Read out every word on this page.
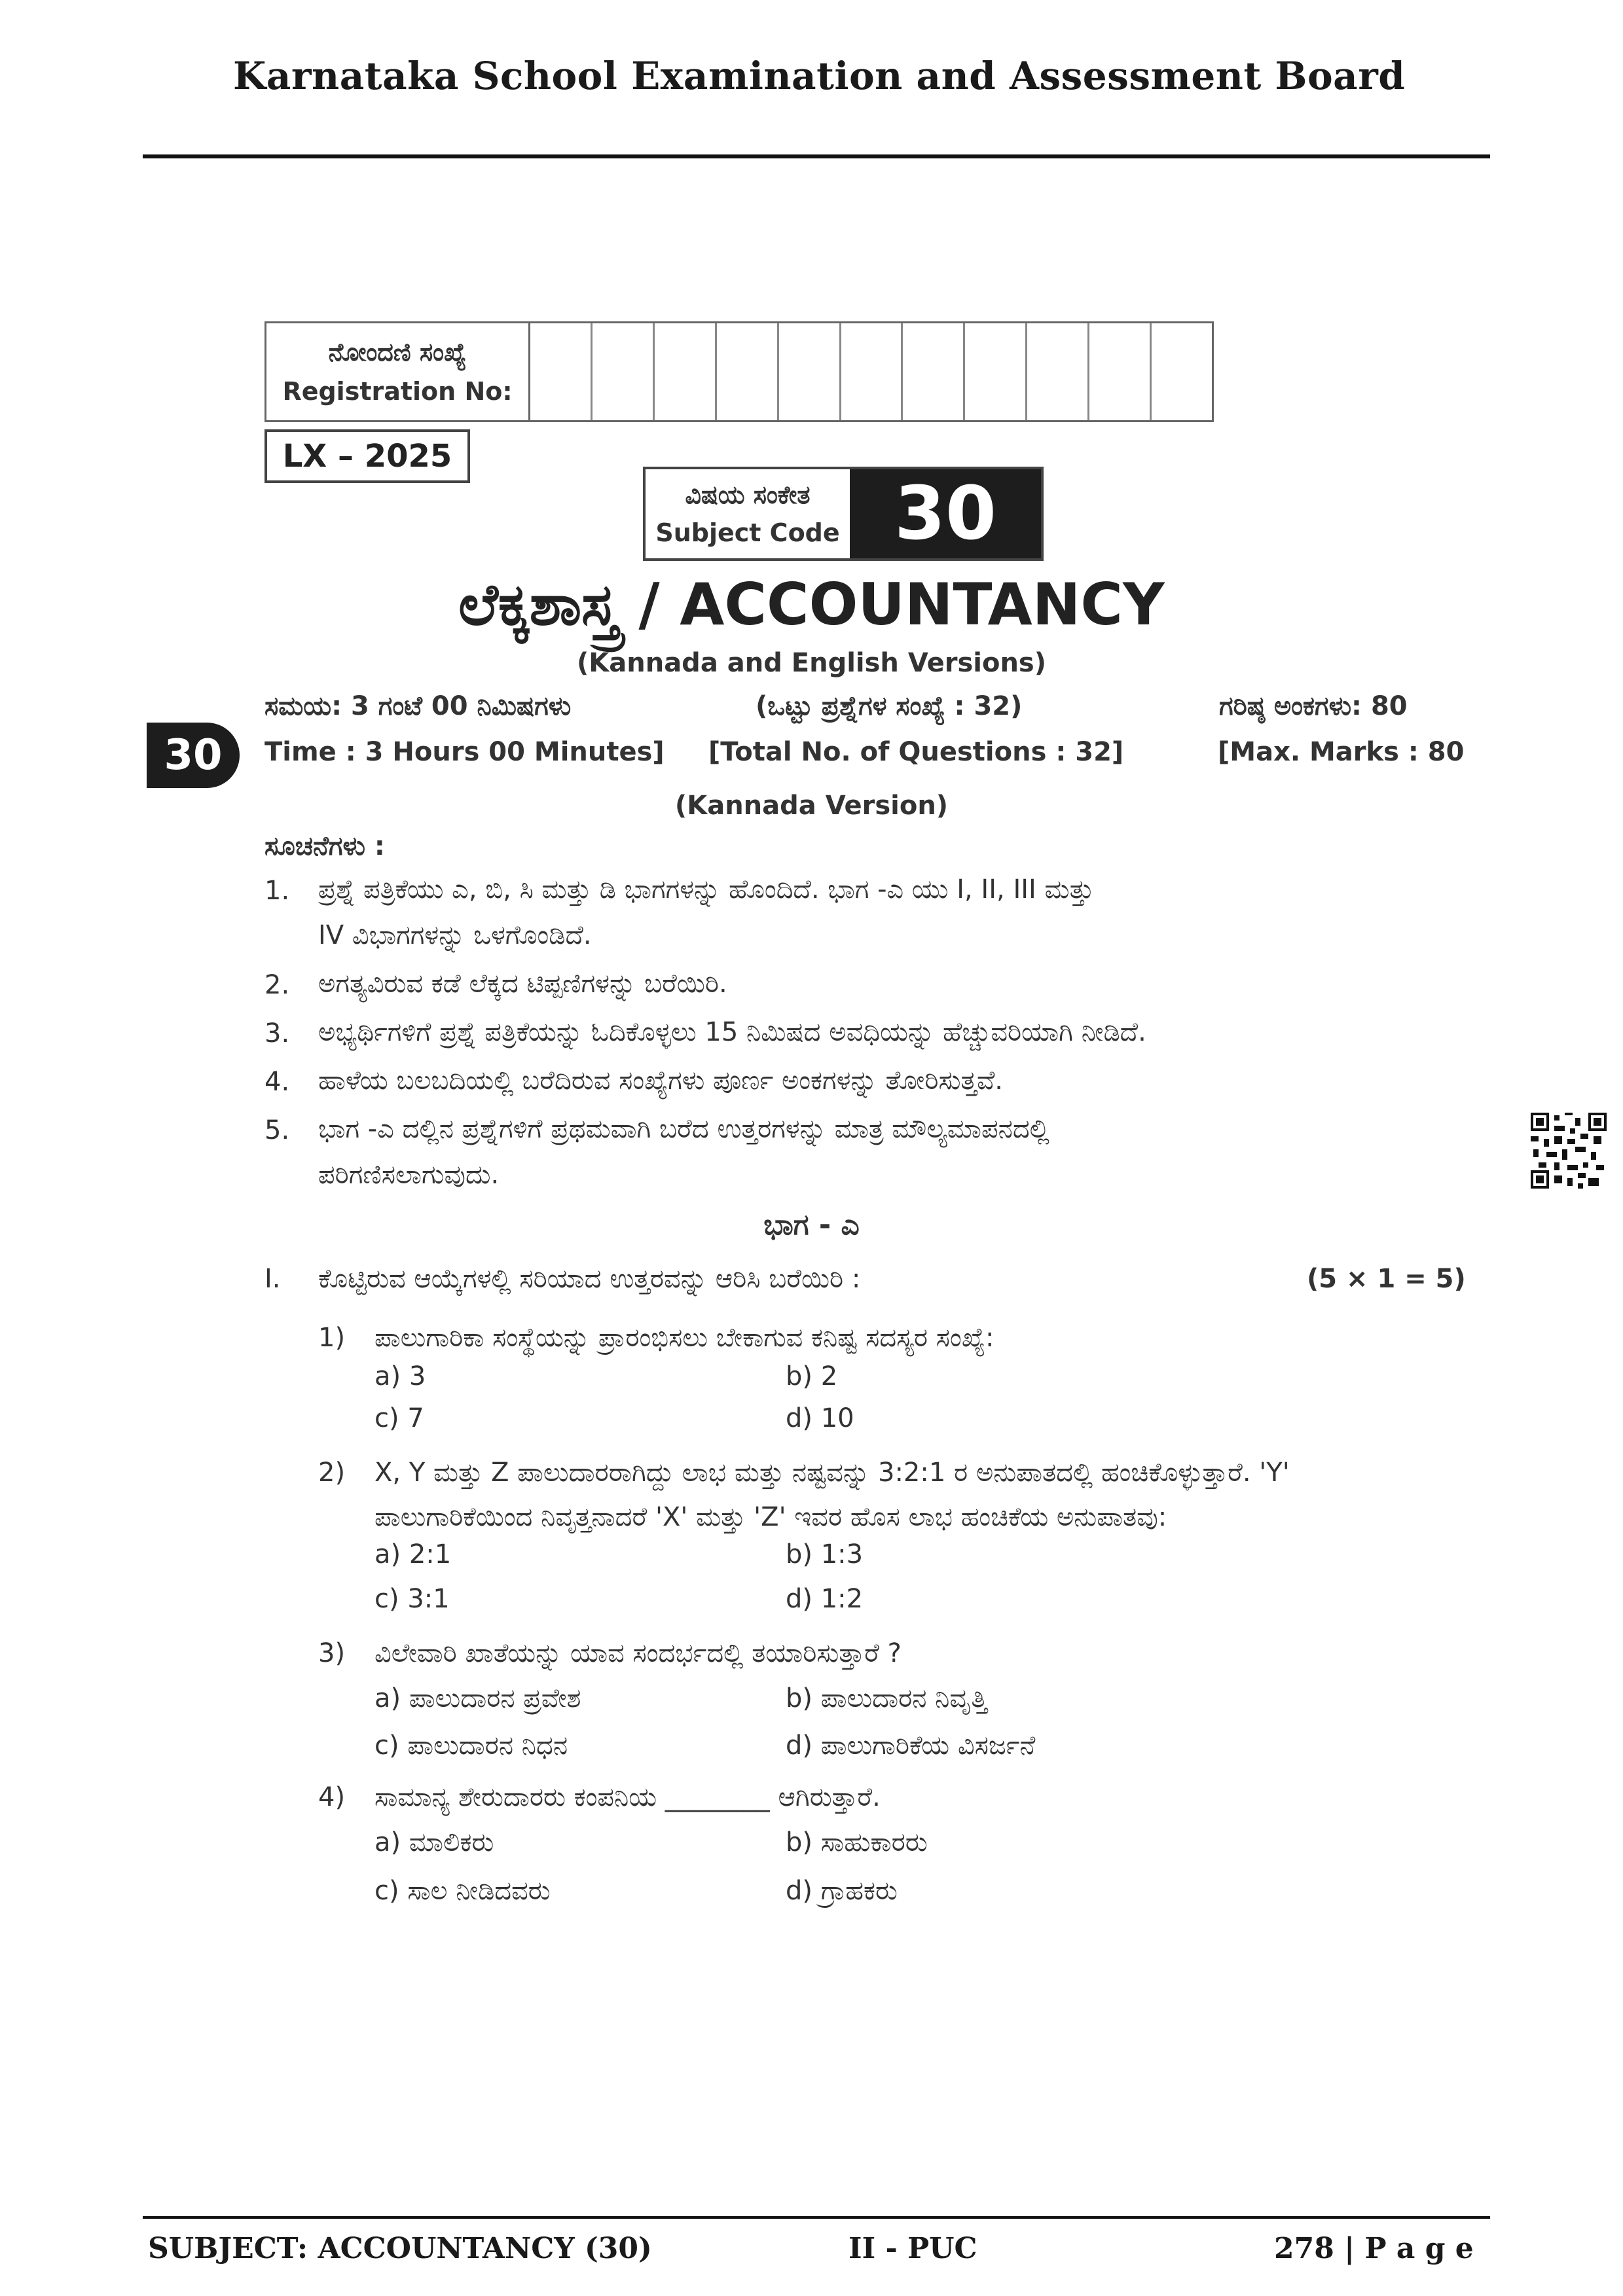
Karnataka School Examination and Assessment Board
ನೋಂದಣಿ ಸಂಖ್ಯೆ
Registration No:
LX – 2025
ವಿಷಯ ಸಂಕೇತ
Subject Code 30
ಲೆಕ್ಕಶಾಸ್ತ್ರ / ACCOUNTANCY
(Kannada and English Versions)
ಸಮಯ: 3 ಗಂಟೆ 00 ನಿಮಿಷಗಳು
Time : 3 Hours 00 Minutes]
(ಒಟ್ಟು ಪ್ರಶ್ನೆಗಳ ಸಂಖ್ಯೆ : 32)
[Total No. of Questions : 32]
ಗರಿಷ್ಠ ಅಂಕಗಳು: 80
[Max. Marks : 80
30
(Kannada Version)
ಸೂಚನೆಗಳು :
1. ಪ್ರಶ್ನೆ ಪತ್ರಿಕೆಯು ಎ, ಬಿ, ಸಿ ಮತ್ತು ಡಿ ಭಾಗಗಳನ್ನು ಹೊಂದಿದೆ. ಭಾಗ -ಎ ಯು I, II, III ಮತ್ತು
IV ವಿಭಾಗಗಳನ್ನು ಒಳಗೊಂಡಿದೆ.
2. ಅಗತ್ಯವಿರುವ ಕಡೆ ಲೆಕ್ಕದ ಟಿಪ್ಪಣಿಗಳನ್ನು ಬರೆಯಿರಿ.
3. ಅಭ್ಯರ್ಥಿಗಳಿಗೆ ಪ್ರಶ್ನೆ ಪತ್ರಿಕೆಯನ್ನು ಓದಿಕೊಳ್ಳಲು 15 ನಿಮಿಷದ ಅವಧಿಯನ್ನು ಹೆಚ್ಚುವರಿಯಾಗಿ ನೀಡಿದೆ.
4. ಹಾಳೆಯ ಬಲಬದಿಯಲ್ಲಿ ಬರೆದಿರುವ ಸಂಖ್ಯೆಗಳು ಪೂರ್ಣ ಅಂಕಗಳನ್ನು ತೋರಿಸುತ್ತವೆ.
5. ಭಾಗ -ಎ ದಲ್ಲಿನ ಪ್ರಶ್ನೆಗಳಿಗೆ ಪ್ರಥಮವಾಗಿ ಬರೆದ ಉತ್ತರಗಳನ್ನು ಮಾತ್ರ ಮೌಲ್ಯಮಾಪನದಲ್ಲಿ
ಪರಿಗಣಿಸಲಾಗುವುದು.
ಭಾಗ - ಎ
I. ಕೊಟ್ಟಿರುವ ಆಯ್ಕೆಗಳಲ್ಲಿ ಸರಿಯಾದ ಉತ್ತರವನ್ನು ಆರಿಸಿ ಬರೆಯಿರಿ :	(5 × 1 = 5)
1) ಪಾಲುಗಾರಿಕಾ ಸಂಸ್ಥೆಯನ್ನು ಪ್ರಾರಂಭಿಸಲು ಬೇಕಾಗುವ ಕನಿಷ್ಟ ಸದಸ್ಯರ ಸಂಖ್ಯೆ:
a) 3	b) 2
c) 7	d) 10
2) X, Y ಮತ್ತು Z ಪಾಲುದಾರರಾಗಿದ್ದು ಲಾಭ ಮತ್ತು ನಷ್ಟವನ್ನು 3:2:1 ರ ಅನುಪಾತದಲ್ಲಿ ಹಂಚಿಕೊಳ್ಳುತ್ತಾರೆ. 'Y'
ಪಾಲುಗಾರಿಕೆಯಿಂದ ನಿವೃತ್ತನಾದರೆ 'X' ಮತ್ತು 'Z' ಇವರ ಹೊಸ ಲಾಭ ಹಂಚಿಕೆಯ ಅನುಪಾತವು:
a) 2:1	b) 1:3
c) 3:1	d) 1:2
3) ವಿಲೇವಾರಿ ಖಾತೆಯನ್ನು ಯಾವ ಸಂದರ್ಭದಲ್ಲಿ ತಯಾರಿಸುತ್ತಾರೆ ?
a) ಪಾಲುದಾರನ ಪ್ರವೇಶ	b) ಪಾಲುದಾರನ ನಿವೃತ್ತಿ
c) ಪಾಲುದಾರನ ನಿಧನ	d) ಪಾಲುಗಾರಿಕೆಯ ವಿಸರ್ಜನೆ
4) ಸಾಮಾನ್ಯ ಶೇರುದಾರರು ಕಂಪನಿಯ ________ ಆಗಿರುತ್ತಾರೆ.
a) ಮಾಲಿಕರು	b) ಸಾಹುಕಾರರು
c) ಸಾಲ ನೀಡಿದವರು	d) ಗ್ರಾಹಕರು
SUBJECT: ACCOUNTANCY (30)	II - PUC	278 | P a g e
